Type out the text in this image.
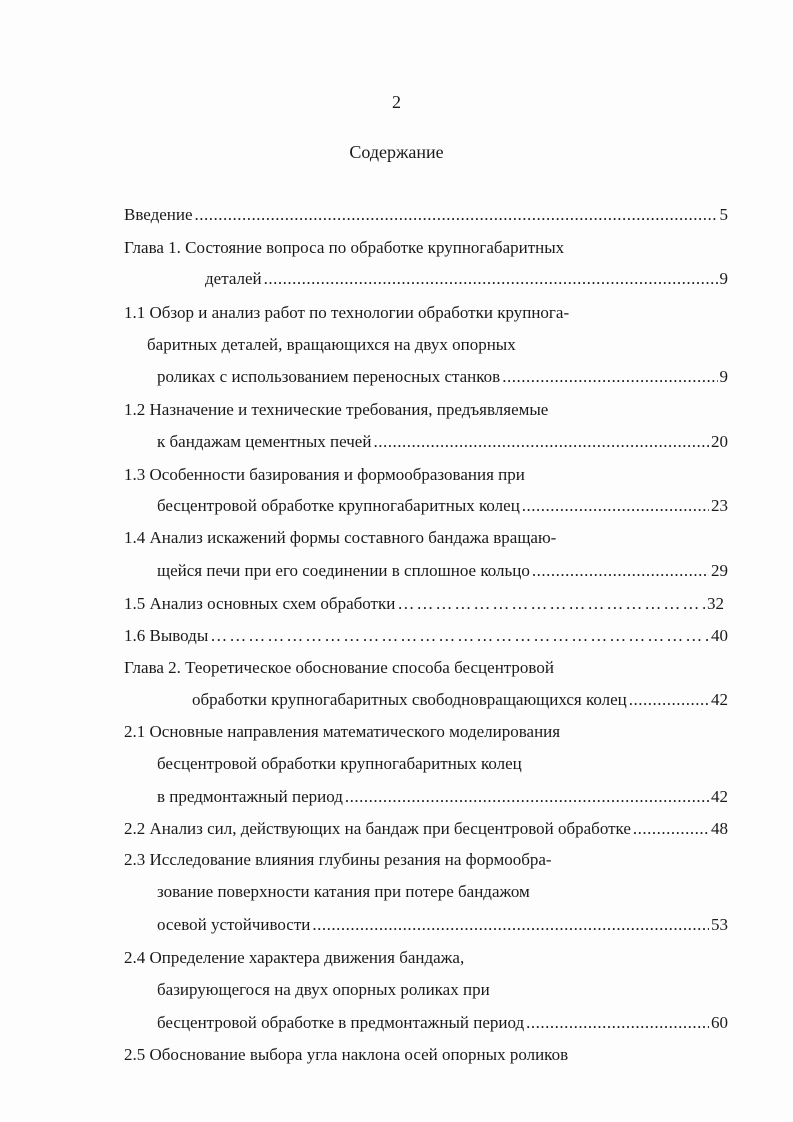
2
Содержание
Введение .....	5
Глава 1. Состояние вопроса по обработке крупногабаритных
деталей .....	9
1.1 Обзор и анализ работ по технологии обработки крупнога-
баритных деталей, вращающихся на двух опорных
роликах с использованием переносных станков .....	9
1.2 Назначение и технические требования, предъявляемые
к бандажам цементных печей .....	20
1.3 Особенности базирования и формообразования при
бесцентровой обработке крупногабаритных колец .....	23
1.4 Анализ искажений формы составного бандажа вращаю-
щейся печи при его соединении в сплошное кольцо .....	29
1.5 Анализ основных схем обработки …………………………………………………………………………………………………………………………………………………………	32
1.6 Выводы …………………………………………………………………………………………………………………………………………………………	40
Глава 2. Теоретическое обоснование способа бесцентровой
обработки крупногабаритных свободновращающихся колец .....	42
2.1 Основные направления математического моделирования
бесцентровой обработки крупногабаритных колец
в предмонтажный период .....	42
2.2 Анализ сил, действующих на бандаж при бесцентровой обработке .....	48
2.3 Исследование влияния глубины резания на формообра-
зование поверхности катания при потере бандажом
осевой устойчивости .....	53
2.4 Определение характера движения бандажа,
базирующегося на двух опорных роликах при
бесцентровой обработке в предмонтажный период .....	60
2.5 Обоснование выбора угла наклона осей опорных роликов
